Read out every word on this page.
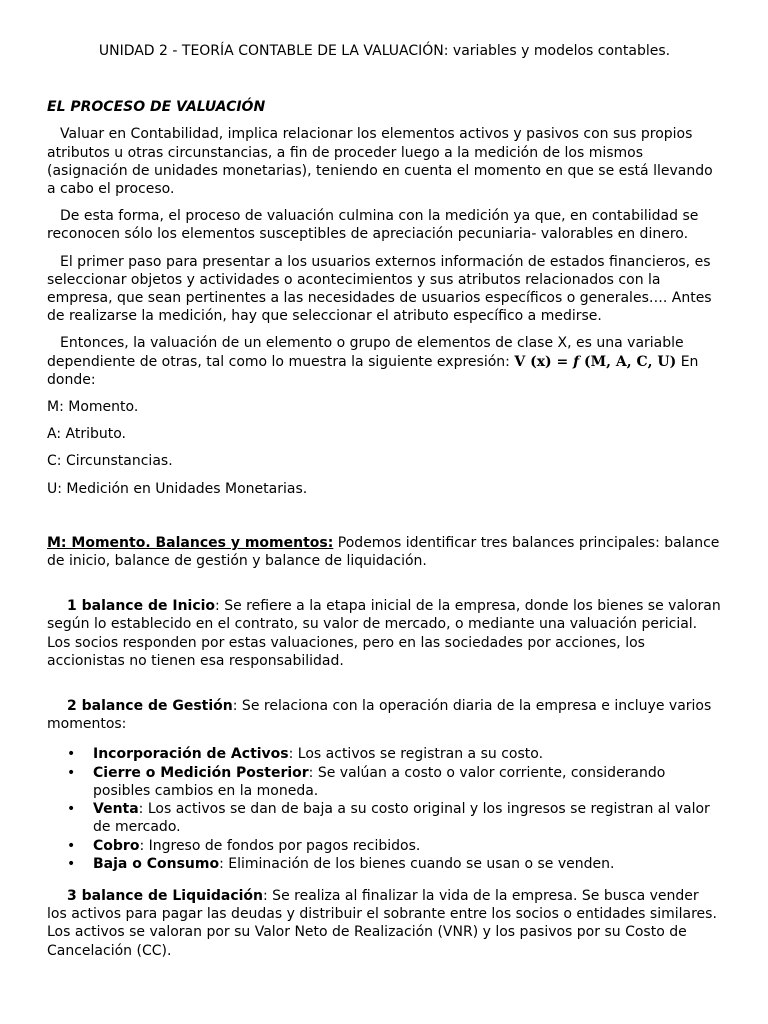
UNIDAD 2 - TEORÍA CONTABLE DE LA VALUACIÓN: variables y modelos contables.

EL PROCESO DE VALUACIÓN

Valuar en Contabilidad, implica relacionar los elementos activos y pasivos con sus propios atributos u otras circunstancias, a fin de proceder luego a la medición de los mismos (asignación de unidades monetarias), teniendo en cuenta el momento en que se está llevando a cabo el proceso.

De esta forma, el proceso de valuación culmina con la medición ya que, en contabilidad se reconocen sólo los elementos susceptibles de apreciación pecuniaria- valorables en dinero.

El primer paso para presentar a los usuarios externos información de estados financieros, es seleccionar objetos y actividades o acontecimientos y sus atributos relacionados con la empresa, que sean pertinentes a las necesidades de usuarios específicos o generales…. Antes de realizarse la medición, hay que seleccionar el atributo específico a medirse.

Entonces, la valuación de un elemento o grupo de elementos de clase X, es una variable dependiente de otras, tal como lo muestra la siguiente expresión: 𝐕 (𝐱) = 𝒇 (𝐌, 𝐀, 𝐂, 𝐔) En donde:

M: Momento.

A: Atributo.

C: Circunstancias.

U: Medición en Unidades Monetarias.

M: Momento. Balances y momentos: Podemos identificar tres balances principales: balance de inicio, balance de gestión y balance de liquidación.

1 balance de Inicio: Se refiere a la etapa inicial de la empresa, donde los bienes se valoran según lo establecido en el contrato, su valor de mercado, o mediante una valuación pericial. Los socios responden por estas valuaciones, pero en las sociedades por acciones, los accionistas no tienen esa responsabilidad.

2 balance de Gestión: Se relaciona con la operación diaria de la empresa e incluye varios momentos:

• Incorporación de Activos: Los activos se registran a su costo.
• Cierre o Medición Posterior: Se valúan a costo o valor corriente, considerando posibles cambios en la moneda.
• Venta: Los activos se dan de baja a su costo original y los ingresos se registran al valor de mercado.
• Cobro: Ingreso de fondos por pagos recibidos.
• Baja o Consumo: Eliminación de los bienes cuando se usan o se venden.

3 balance de Liquidación: Se realiza al finalizar la vida de la empresa. Se busca vender los activos para pagar las deudas y distribuir el sobrante entre los socios o entidades similares. Los activos se valoran por su Valor Neto de Realización (VNR) y los pasivos por su Costo de Cancelación (CC).
